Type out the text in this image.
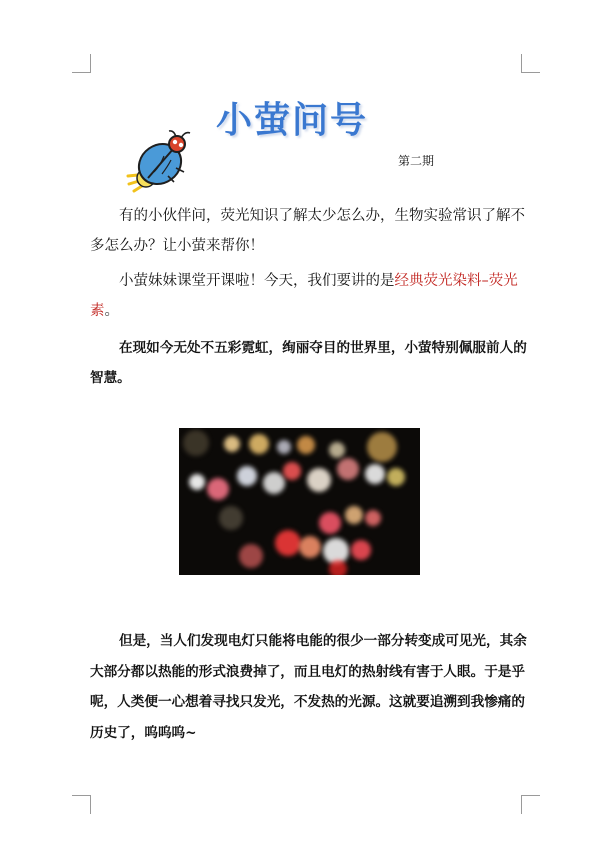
小萤问号
第二期

有的小伙伴问，荧光知识了解太少怎么办，生物实验常识了解不多怎么办？让小萤来帮你！

小萤妹妹课堂开课啦！今天，我们要讲的是经典荧光染料–荧光素。

在现如今无处不五彩霓虹，绚丽夺目的世界里，小萤特别佩服前人的智慧。

但是，当人们发现电灯只能将电能的很少一部分转变成可见光，其余大部分都以热能的形式浪费掉了，而且电灯的热射线有害于人眼。于是乎呢，人类便一心想着寻找只发光，不发热的光源。这就要追溯到我惨痛的历史了，呜呜呜~
